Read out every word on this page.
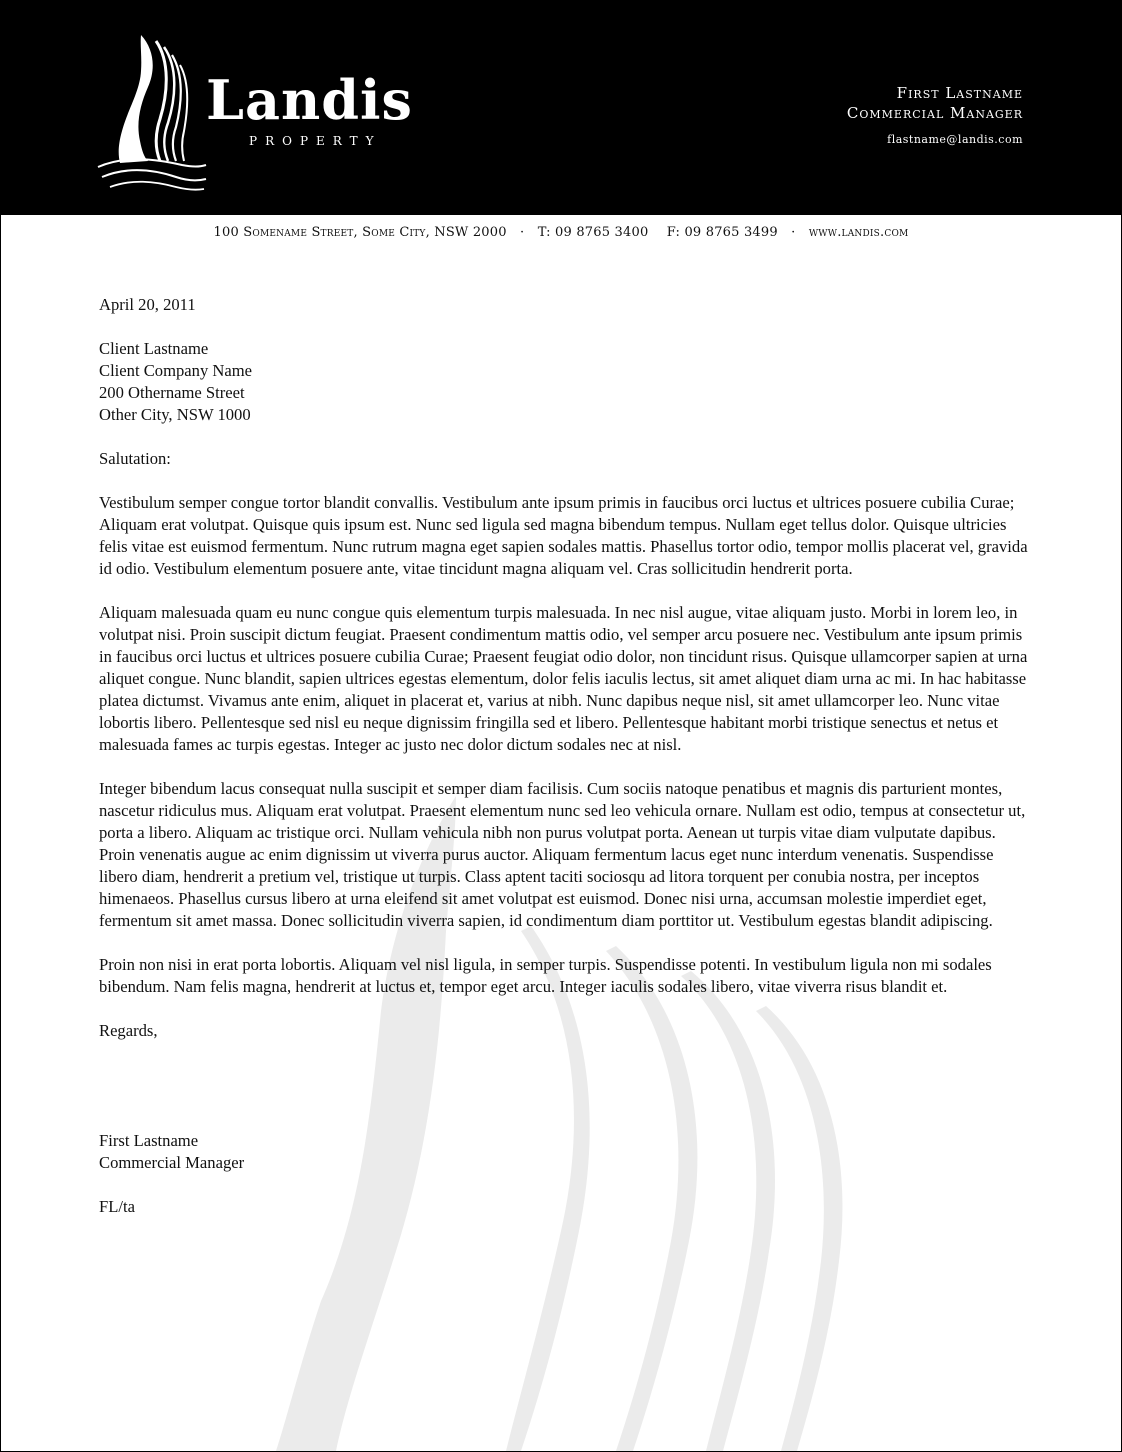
Landis

PROPERTY

First Lastname

Commercial Manager

flastname@landis.com

100 Somename Street, Some City, NSW 2000 · T: 09 8765 3400 F: 09 8765 3499 · www.landis.com

April 20, 2011

Client Lastname
Client Company Name
200 Othername Street
Other City, NSW 1000

Salutation:

Vestibulum semper congue tortor blandit convallis. Vestibulum ante ipsum primis in faucibus orci luctus et ultrices posuere cubilia Curae; Aliquam erat volutpat. Quisque quis ipsum est. Nunc sed ligula sed magna bibendum tempus. Nullam eget tellus dolor. Quisque ultricies felis vitae est euismod fermentum. Nunc rutrum magna eget sapien sodales mattis. Phasellus tortor odio, tempor mollis placerat vel, gravida id odio. Vestibulum elementum posuere ante, vitae tincidunt magna aliquam vel. Cras sollicitudin hendrerit porta.

Aliquam malesuada quam eu nunc congue quis elementum turpis malesuada. In nec nisl augue, vitae aliquam justo. Morbi in lorem leo, in volutpat nisi. Proin suscipit dictum feugiat. Praesent condimentum mattis odio, vel semper arcu posuere nec. Vestibulum ante ipsum primis in faucibus orci luctus et ultrices posuere cubilia Curae; Praesent feugiat odio dolor, non tincidunt risus. Quisque ullamcorper sapien at urna aliquet congue. Nunc blandit, sapien ultrices egestas elementum, dolor felis iaculis lectus, sit amet aliquet diam urna ac mi. In hac habitasse platea dictumst. Vivamus ante enim, aliquet in placerat et, varius at nibh. Nunc dapibus neque nisl, sit amet ullamcorper leo. Nunc vitae lobortis libero. Pellentesque sed nisl eu neque dignissim fringilla sed et libero. Pellentesque habitant morbi tristique senectus et netus et malesuada fames ac turpis egestas. Integer ac justo nec dolor dictum sodales nec at nisl.

Integer bibendum lacus consequat nulla suscipit et semper diam facilisis. Cum sociis natoque penatibus et magnis dis parturient montes, nascetur ridiculus mus. Aliquam erat volutpat. Praesent elementum nunc sed leo vehicula ornare. Nullam est odio, tempus at consectetur ut, porta a libero. Aliquam ac tristique orci. Nullam vehicula nibh non purus volutpat porta. Aenean ut turpis vitae diam vulputate dapibus. Proin venenatis augue ac enim dignissim ut viverra purus auctor. Aliquam fermentum lacus eget nunc interdum venenatis. Suspendisse libero diam, hendrerit a pretium vel, tristique ut turpis. Class aptent taciti sociosqu ad litora torquent per conubia nostra, per inceptos himenaeos. Phasellus cursus libero at urna eleifend sit amet volutpat est euismod. Donec nisi urna, accumsan molestie imperdiet eget, fermentum sit amet massa. Donec sollicitudin viverra sapien, id condimentum diam porttitor ut. Vestibulum egestas blandit adipiscing.

Proin non nisi in erat porta lobortis. Aliquam vel nisl ligula, in semper turpis. Suspendisse potenti. In vestibulum ligula non mi sodales bibendum. Nam felis magna, hendrerit at luctus et, tempor eget arcu. Integer iaculis sodales libero, vitae viverra risus blandit et.

Regards,

First Lastname
Commercial Manager

FL/ta
